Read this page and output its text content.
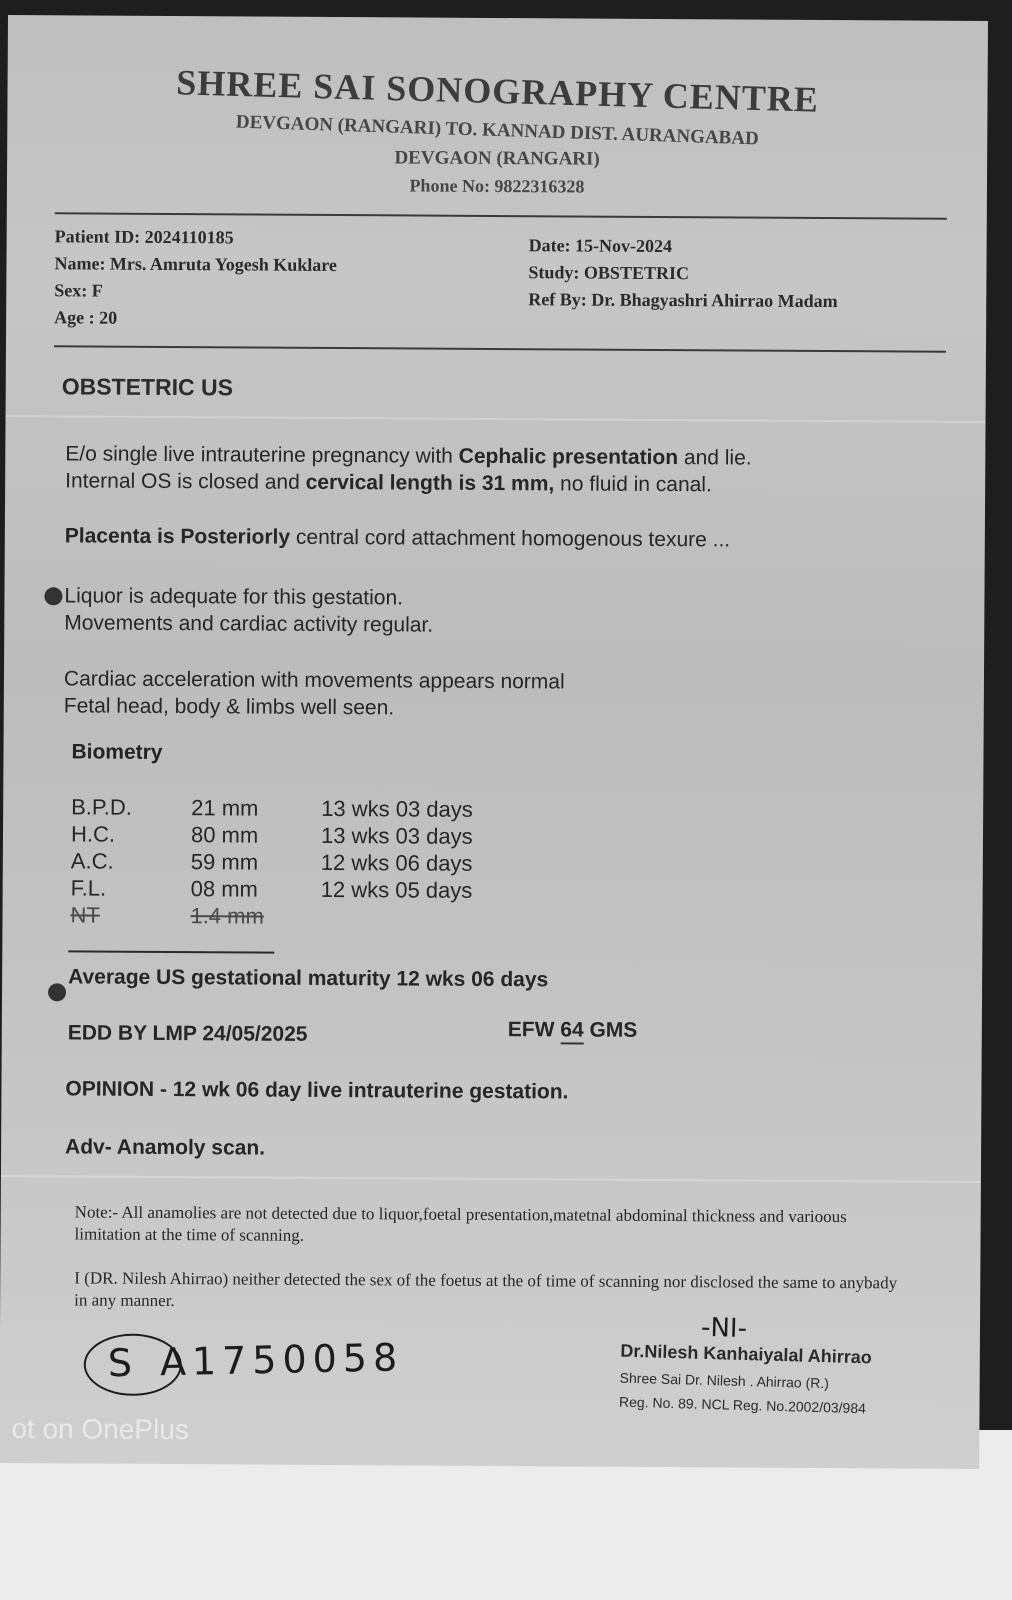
SHREE SAI SONOGRAPHY CENTRE

DEVGAON (RANGARI) TO. KANNAD DIST. AURANGABAD

DEVGAON (RANGARI)

Phone No: 9822316328

Patient ID: 2024110185
Name: Mrs. Amruta Yogesh Kuklare
Sex: F
Age : 20
Date: 15-Nov-2024
Study: OBSTETRIC
Ref By: Dr. Bhagyashri Ahirrao Madam
OBSTETRIC US
E/o single live intrauterine pregnancy with Cephalic presentation and lie.
Internal OS is closed and cervical length is 31 mm, no fluid in canal.
Placenta is Posteriorly central cord attachment homogenous texure ...
Liquor is adequate for this gestation.
Movements and cardiac activity regular.
Cardiac acceleration with movements appears normal
Fetal head, body & limbs well seen.
Biometry
B.P.D.	21 mm	13 wks 03 days
H.C.	80 mm	13 wks 03 days
A.C.	59 mm	12 wks 06 days
F.L.	08 mm	12 wks 05 days
NT	1.4 mm	
Average US gestational maturity 12 wks 06 days
EDD BY LMP 24/05/2025	EFW 64 GMS
OPINION - 12 wk 06 day live intrauterine gestation.
Adv- Anamoly scan.
Note:- All anamolies are not detected due to liquor,foetal presentation,matetnal abdominal thickness and varioous limitation at the time of scanning.
I (DR. Nilesh Ahirrao) neither detected the sex of the foetus at the of time of scanning nor disclosed the same to anybady in any manner.
S A1750058
-NI-
Dr.Nilesh Kanhaiyalal Ahirrao
Shree Sai Dr. Nilesh . Ahirrao (R.)
Reg. No. 89. NCL Reg. No.2002/03/984
ot on OnePlus
